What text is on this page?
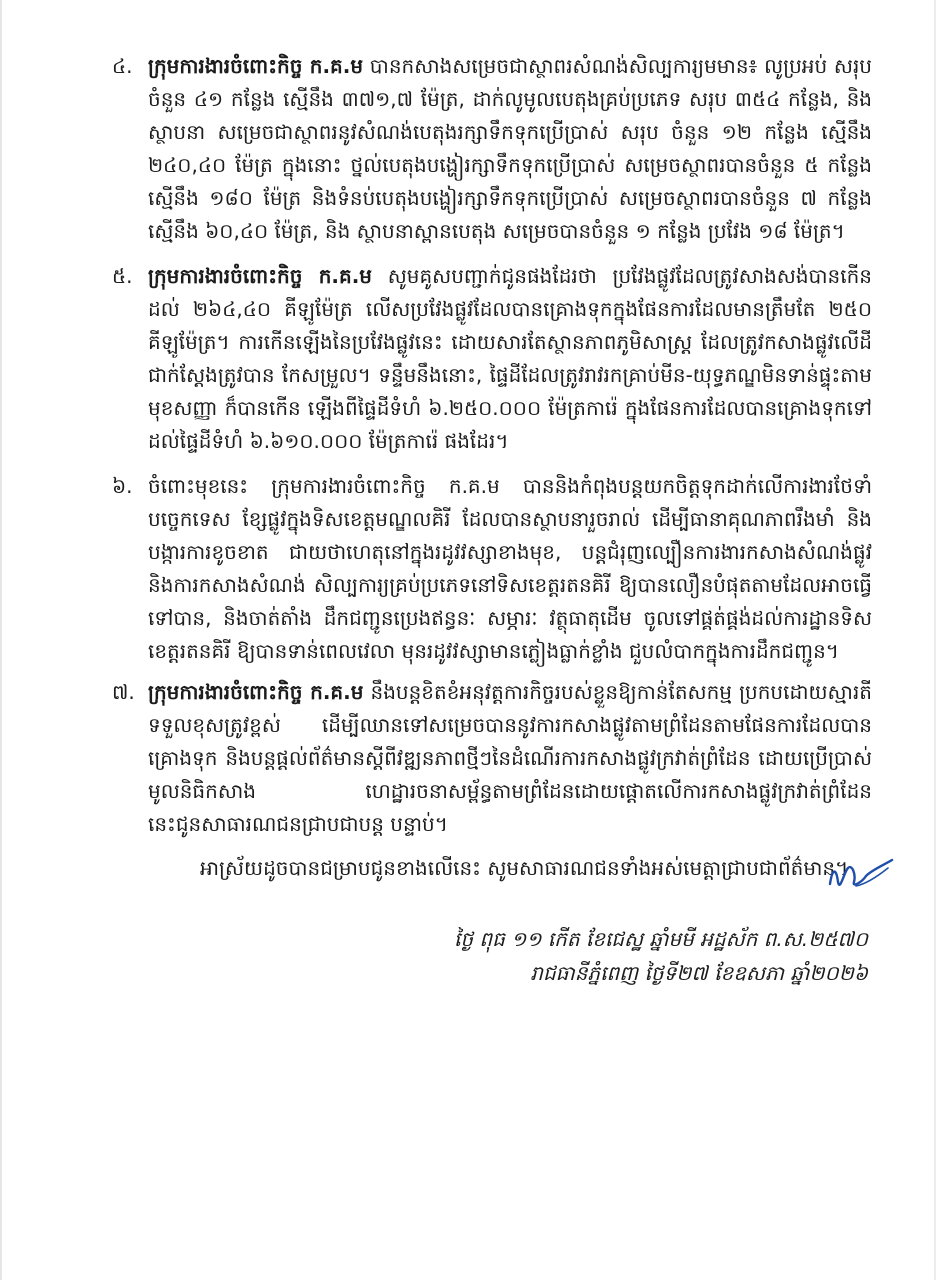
៤. ក្រុមការងារចំពោះកិច្ច ក.គ.ម បានកសាងសម្រេចជាស្ថាពរសំណង់សិល្បការ្យមមាន៖ លូប្រអប់ សរុប ចំនួន ៤១ កន្លែង ស្មើនឹង ៣៧១,៧ ម៉ែត្រ, ដាក់លូមូលបេតុងគ្រប់ប្រភេទ សរុប ៣៥៤ កន្លែង, និងស្ថាបនា សម្រេចជាស្ថាពរនូវសំណង់បេតុងរក្សាទឹកទុកប្រើប្រាស់ សរុប ចំនួន ១២ កន្លែង ស្មើនឹង ២៤០,៤០ ម៉ែត្រ ក្នុងនោះ ថ្នល់បេតុងបង្ហៀរក្សាទឹកទុកប្រើប្រាស់ សម្រេចស្ថាពរបានចំនួន ៥ កន្លែង ស្មើនឹង ១៨០ ម៉ែត្រ និងទំនប់បេតុងបង្ហៀរក្សាទឹកទុកប្រើប្រាស់ សម្រេចស្ថាពរបានចំនួន ៧ កន្លែង ស្មើនឹង ៦០,៤០ ម៉ែត្រ, និង ស្ថាបនាស្ពានបេតុង សម្រេចបានចំនួន ១ កន្លែង ប្រវែង ១៨ ម៉ែត្រ។
៥. ក្រុមការងារចំពោះកិច្ច ក.គ.ម សូមគូសបញ្ជាក់ជូនផងដែរថា ប្រវែងផ្លូវដែលត្រូវសាងសង់បានកើនដល់ ២៦៤,៤០ គីឡូម៉ែត្រ លើសប្រវែងផ្លូវដែលបានគ្រោងទុកក្នុងផែនការដែលមានត្រឹមតែ ២៥០ គីឡូម៉ែត្រ។ ការកើនឡើងនៃប្រវែងផ្លូវនេះ ដោយសារតែស្ថានភាពភូមិសាស្ត្រ ដែលត្រូវកសាងផ្លូវលើដីជាក់ស្តែងត្រូវបាន កែសម្រួល។ ទន្ទឹមនឹងនោះ, ផ្ទៃដីដែលត្រូវរាវរកគ្រាប់មីន-យុទ្ធភណ្ឌមិនទាន់ផ្ទុះតាមមុខសញ្ញា ក៏បានកើន ឡើងពីផ្ទៃដីទំហំ ៦.២៥០.០០០ ម៉ែត្រការ៉េ ក្នុងផែនការដែលបានគ្រោងទុកទៅដល់ផ្ទៃដីទំហំ ៦.៦១០.០០០ ម៉ែត្រការ៉េ ផងដែរ។
៦. ចំពោះមុខនេះ ក្រុមការងារចំពោះកិច្ច ក.គ.ម បាននិងកំពុងបន្តយកចិត្តទុកដាក់លើការងារថែទាំបច្ចេកទេស ខ្សែផ្លូវក្នុងទិសខេត្តមណ្ឌលគិរី ដែលបានស្ថាបនារួចរាល់ ដើម្បីធានាគុណភាពរឹងមាំ និងបង្ការការខូចខាត ជាយថាហេតុនៅក្នុងរដូវវស្សាខាងមុខ, បន្តជំរុញល្បឿនការងារកសាងសំណង់ផ្លូវ និងការកសាងសំណង់ សិល្បការ្យគ្រប់ប្រភេទនៅទិសខេត្តរតនគិរី ឱ្យបានលឿនបំផុតតាមដែលអាចធ្វើទៅបាន, និងចាត់តាំង ដឹកជញ្ជូនប្រេងឥន្ធនៈ សម្ភារៈ វត្ថុធាតុដើម ចូលទៅផ្គត់ផ្គង់ដល់ការដ្ឋានទិសខេត្តរតនគិរី ឱ្យបានទាន់ពេលវេលា មុនរដូវវស្សាមានភ្លៀងធ្លាក់ខ្លាំង ជួបលំបាកក្នុងការដឹកជញ្ជូន។
៧. ក្រុមការងារចំពោះកិច្ច ក.គ.ម នឹងបន្តខិតខំអនុវត្តការកិច្ចរបស់ខ្លួនឱ្យកាន់តែសកម្ម ប្រកបដោយស្មារតី ទទួលខុសត្រូវខ្ពស់ ដើម្បីឈានទៅសម្រេចបាននូវការកសាងផ្លូវតាមព្រំដែនតាមផែនការដែលបានគ្រោងទុក និងបន្តផ្តល់ព័ត៌មានស្តីពីវឌ្ឍនភាពថ្មីៗនៃដំណើរការកសាងផ្លូវក្រវាត់ព្រំដែន ដោយប្រើប្រាស់មូលនិធិកសាង ហេដ្ឋារចនាសម្ព័ន្ធតាមព្រំដែនដោយផ្តោតលើការកសាងផ្លូវក្រវាត់ព្រំដែននេះជូនសាធារណជនជ្រាបជាបន្ត បន្ទាប់។
អាស្រ័យដូចបានជម្រាបជូនខាងលើនេះ សូមសាធារណជនទាំងអស់មេត្តាជ្រាបជាព័ត៌មាន។
ថ្ងៃ ពុធ ១១ កើត ខែជេស្ឋ ឆ្នាំមមី អដ្ឋស័ក ព.ស.២៥៧០
រាជធានីភ្នំពេញ ថ្ងៃទី២៧ ខែឧសភា ឆ្នាំ២០២៦
